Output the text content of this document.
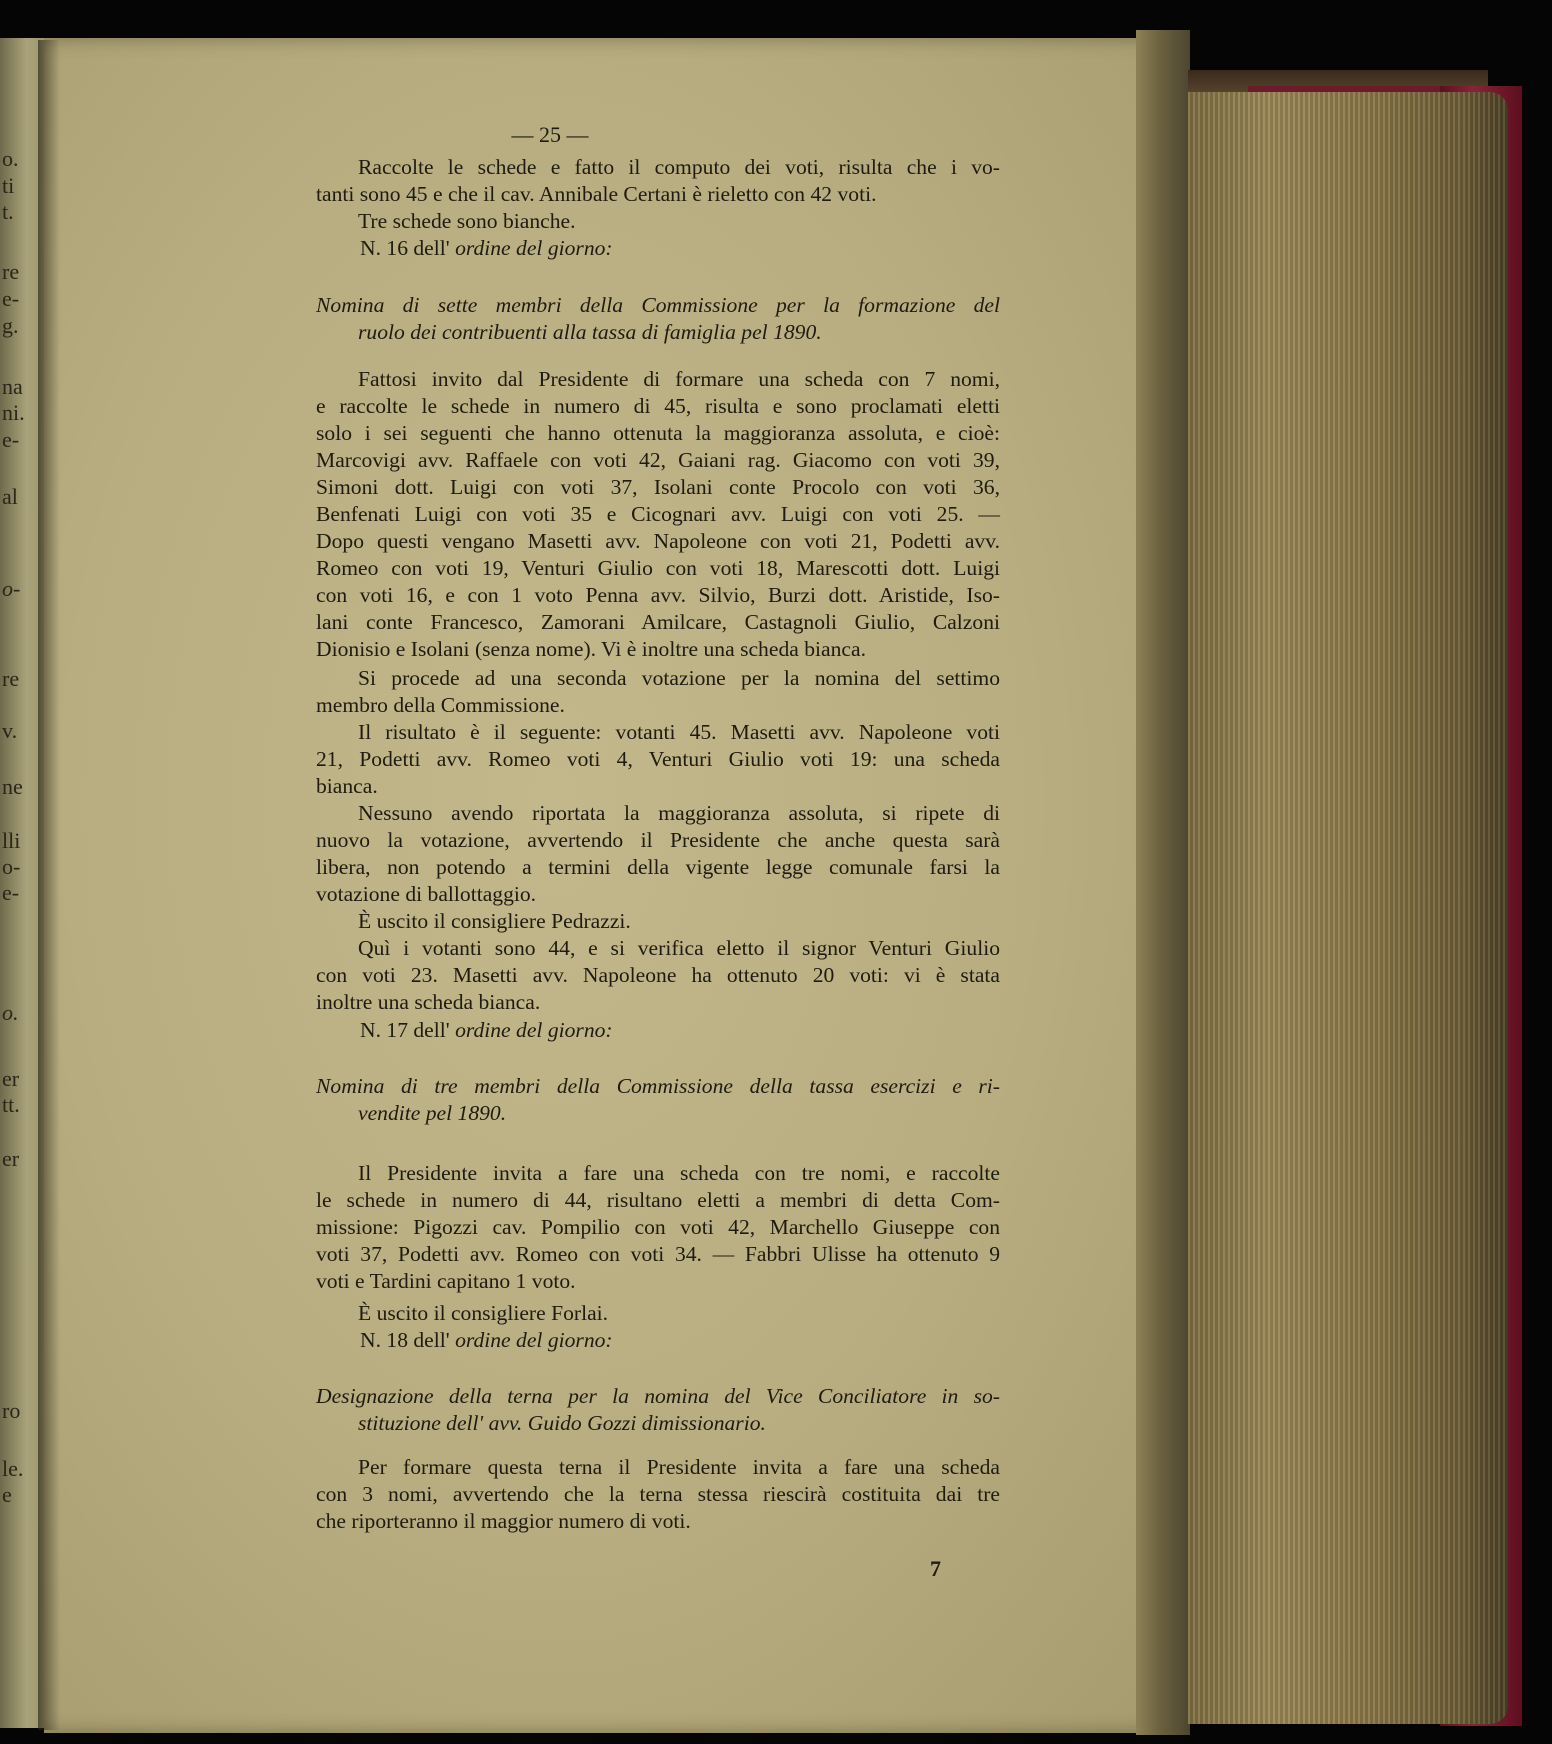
o.
ti
t.
re
e-
g.
na
ni.
e-
al
o-
re
v.
ne
lli
o-
e-
o.
er
tt.
er
ro
le.
e
— 25 —
Raccolte le schede e fatto il computo dei voti, risulta che i vo-
tanti sono 45 e che il cav. Annibale Certani è rieletto con 42 voti.
Tre schede sono bianche.
N. 16 dell' ordine del giorno:
Nomina di sette membri della Commissione per la formazione del
ruolo dei contribuenti alla tassa di famiglia pel 1890.
Fattosi invito dal Presidente di formare una scheda con 7 nomi,
e raccolte le schede in numero di 45, risulta e sono proclamati eletti
solo i sei seguenti che hanno ottenuta la maggioranza assoluta, e cioè:
Marcovigi avv. Raffaele con voti 42, Gaiani rag. Giacomo con voti 39,
Simoni dott. Luigi con voti 37, Isolani conte Procolo con voti 36,
Benfenati Luigi con voti 35 e Cicognari avv. Luigi con voti 25. —
Dopo questi vengano Masetti avv. Napoleone con voti 21, Podetti avv.
Romeo con voti 19, Venturi Giulio con voti 18, Marescotti dott. Luigi
con voti 16, e con 1 voto Penna avv. Silvio, Burzi dott. Aristide, Iso-
lani conte Francesco, Zamorani Amilcare, Castagnoli Giulio, Calzoni
Dionisio e Isolani (senza nome). Vi è inoltre una scheda bianca.
Si procede ad una seconda votazione per la nomina del settimo
membro della Commissione.
Il risultato è il seguente: votanti 45. Masetti avv. Napoleone voti
21, Podetti avv. Romeo voti 4, Venturi Giulio voti 19: una scheda
bianca.
Nessuno avendo riportata la maggioranza assoluta, si ripete di
nuovo la votazione, avvertendo il Presidente che anche questa sarà
libera, non potendo a termini della vigente legge comunale farsi la
votazione di ballottaggio.
È uscito il consigliere Pedrazzi.
Quì i votanti sono 44, e si verifica eletto il signor Venturi Giulio
con voti 23. Masetti avv. Napoleone ha ottenuto 20 voti: vi è stata
inoltre una scheda bianca.
N. 17 dell' ordine del giorno:
Nomina di tre membri della Commissione della tassa esercizi e ri-
vendite pel 1890.
Il Presidente invita a fare una scheda con tre nomi, e raccolte
le schede in numero di 44, risultano eletti a membri di detta Com-
missione: Pigozzi cav. Pompilio con voti 42, Marchello Giuseppe con
voti 37, Podetti avv. Romeo con voti 34. — Fabbri Ulisse ha ottenuto 9
voti e Tardini capitano 1 voto.
È uscito il consigliere Forlai.
N. 18 dell' ordine del giorno:
Designazione della terna per la nomina del Vice Conciliatore in so-
stituzione dell' avv. Guido Gozzi dimissionario.
Per formare questa terna il Presidente invita a fare una scheda
con 3 nomi, avvertendo che la terna stessa riescirà costituita dai tre
che riporteranno il maggior numero di voti.
7
